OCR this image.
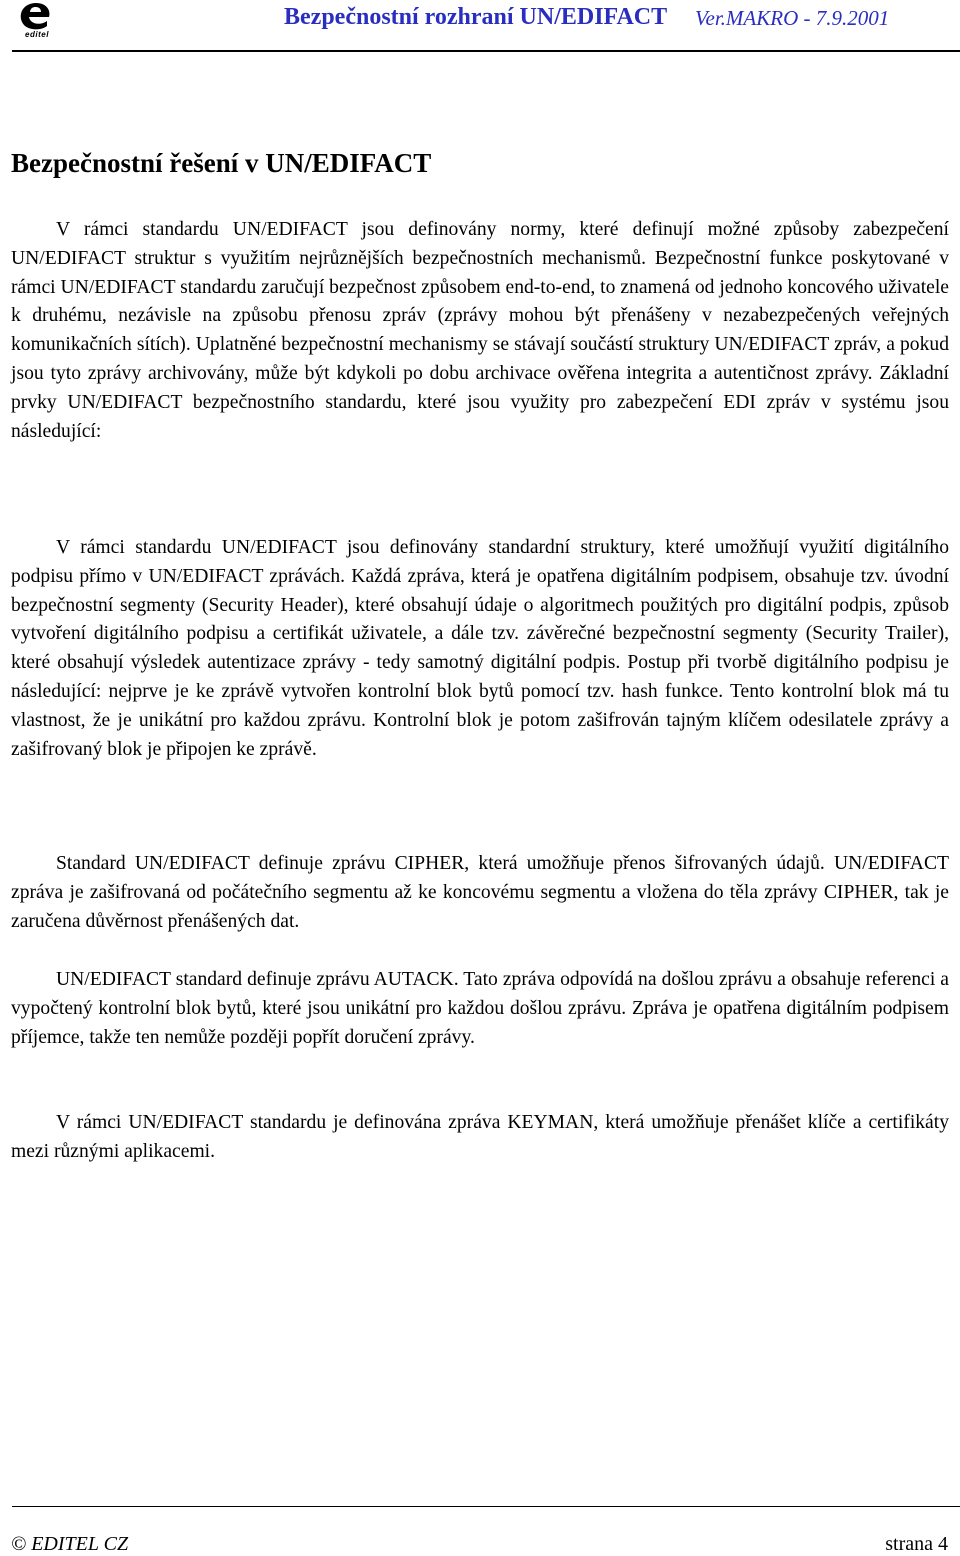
editel
Bezpečnostní rozhraní UN/EDIFACT Ver.MAKRO - 7.9.2001
Bezpečnostní řešení v UN/EDIFACT

V rámci standardu UN/EDIFACT jsou definovány normy, které definují možné způsoby zabezpečení UN/EDIFACT struktur s využitím nejrůznějších bezpečnostních mechanismů. Bezpečnostní funkce poskytované v rámci UN/EDIFACT standardu zaručují bezpečnost způsobem end-to-end, to znamená od jednoho koncového uživatele k druhému, nezávisle na způsobu přenosu zpráv (zprávy mohou být přenášeny v nezabezpečených veřejných komunikačních sítích). Uplatněné bezpečnostní mechanismy se stávají součástí struktury UN/EDIFACT zpráv, a pokud jsou tyto zprávy archivovány, může být kdykoli po dobu archivace ověřena integrita a autentičnost zprávy. Základní prvky UN/EDIFACT bezpečnostního standardu, které jsou využity pro zabezpečení EDI zpráv v systému jsou následující:

V rámci standardu UN/EDIFACT jsou definovány standardní struktury, které umožňují využití digitálního podpisu přímo v UN/EDIFACT zprávách. Každá zpráva, která je opatřena digitálním podpisem, obsahuje tzv. úvodní bezpečnostní segmenty (Security Header), které obsahují údaje o algoritmech použitých pro digitální podpis, způsob vytvoření digitálního podpisu a certifikát uživatele, a dále tzv. závěrečné bezpečnostní segmenty (Security Trailer), které obsahují výsledek autentizace zprávy - tedy samotný digitální podpis. Postup při tvorbě digitálního podpisu je následující: nejprve je ke zprávě vytvořen kontrolní blok bytů pomocí tzv. hash funkce. Tento kontrolní blok má tu vlastnost, že je unikátní pro každou zprávu. Kontrolní blok je potom zašifrován tajným klíčem odesilatele zprávy a zašifrovaný blok je připojen ke zprávě.

Standard UN/EDIFACT definuje zprávu CIPHER, která umožňuje přenos šifrovaných údajů. UN/EDIFACT zpráva je zašifrovaná od počátečního segmentu až ke koncovému segmentu a vložena do těla zprávy CIPHER, tak je zaručena důvěrnost přenášených dat.

UN/EDIFACT standard definuje zprávu AUTACK. Tato zpráva odpovídá na došlou zprávu a obsahuje referenci a vypočtený kontrolní blok bytů, které jsou unikátní pro každou došlou zprávu. Zpráva je opatřena digitálním podpisem příjemce, takže ten nemůže později popřít doručení zprávy.

V rámci UN/EDIFACT standardu je definována zpráva KEYMAN, která umožňuje přenášet klíče a certifikáty mezi různými aplikacemi.

© EDITEL CZ	strana 4
